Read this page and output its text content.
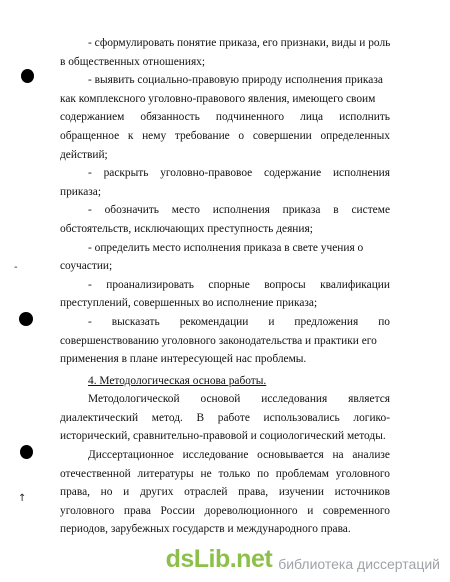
-
↑
- сформулировать понятие приказа, его признаки, виды и роль
в общественных отношениях;
- выявить социально-правовую природу исполнения приказа
как комплексного уголовно-правового явления, имеющего своим
содержанием обязанность подчиненного лица исполнить
обращенное к нему требование о совершении определенных
действий;
- раскрыть уголовно-правовое содержание исполнения
приказа;
- обозначить место исполнения приказа в системе
обстоятельств, исключающих преступность деяния;
- определить место исполнения приказа в свете учения о
соучастии;
- проанализировать спорные вопросы квалификации
преступлений, совершенных во исполнение приказа;
- высказать рекомендации и предложения по
совершенствованию уголовного законодательства и практики его
применения в плане интересующей нас проблемы.
4. Методологическая основа работы.
Методологической основой исследования является
диалектический метод. В работе использовались логико-
исторический, сравнительно-правовой и социологический методы.
Диссертационное исследование основывается на анализе
отечественной литературы не только по проблемам уголовного
права, но и других отраслей права, изучении источников
уголовного права России дореволюционного и современного
периодов, зарубежных государств и международного права.
dsLib.net библиотека диссертаций
